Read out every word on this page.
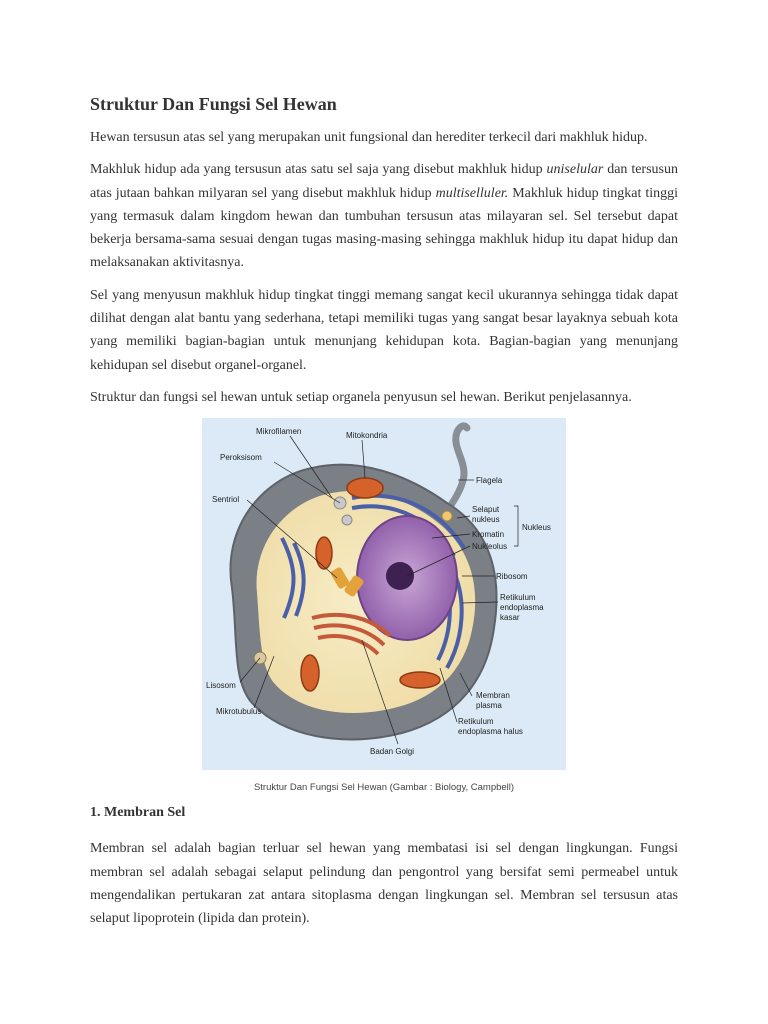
Struktur Dan Fungsi Sel Hewan

Hewan tersusun atas sel yang merupakan unit fungsional dan herediter terkecil dari makhluk hidup.

Makhluk hidup ada yang tersusun atas satu sel saja yang disebut makhluk hidup uniselular dan tersusun atas jutaan bahkan milyaran sel yang disebut makhluk hidup multiselluler. Makhluk hidup tingkat tinggi yang termasuk dalam kingdom hewan dan tumbuhan tersusun atas milayaran sel. Sel tersebut dapat bekerja bersama-sama sesuai dengan tugas masing-masing sehingga makhluk hidup itu dapat hidup dan melaksanakan aktivitasnya.

Sel yang menyusun makhluk hidup tingkat tinggi memang sangat kecil ukurannya sehingga tidak dapat dilihat dengan alat bantu yang sederhana, tetapi memiliki tugas yang sangat besar layaknya sebuah kota yang memiliki bagian-bagian untuk menunjang kehidupan kota. Bagian-bagian yang menunjang kehidupan sel disebut organel-organel.

Struktur dan fungsi sel hewan untuk setiap organela penyusun sel hewan. Berikut penjelasannya.

Mikrofilamen	Mitokondria
Peroksisom
Flagela
Sentriol
Selaput
nukleus
Kromatin
Nukleolus
Nukleus
Ribosom
Retikulum
endoplasma
kasar
Lisosom
Mikrotubulus
Membran
plasma
Retikulum
endoplasma halus
Badan Golgi
Struktur Dan Fungsi Sel Hewan (Gambar : Biology, Campbell)
1. Membran Sel

Membran sel adalah bagian terluar sel hewan yang membatasi isi sel dengan lingkungan. Fungsi membran sel adalah sebagai selaput pelindung dan pengontrol yang bersifat semi permeabel untuk mengendalikan pertukaran zat antara sitoplasma dengan lingkungan sel. Membran sel tersusun atas selaput lipoprotein (lipida dan protein).
